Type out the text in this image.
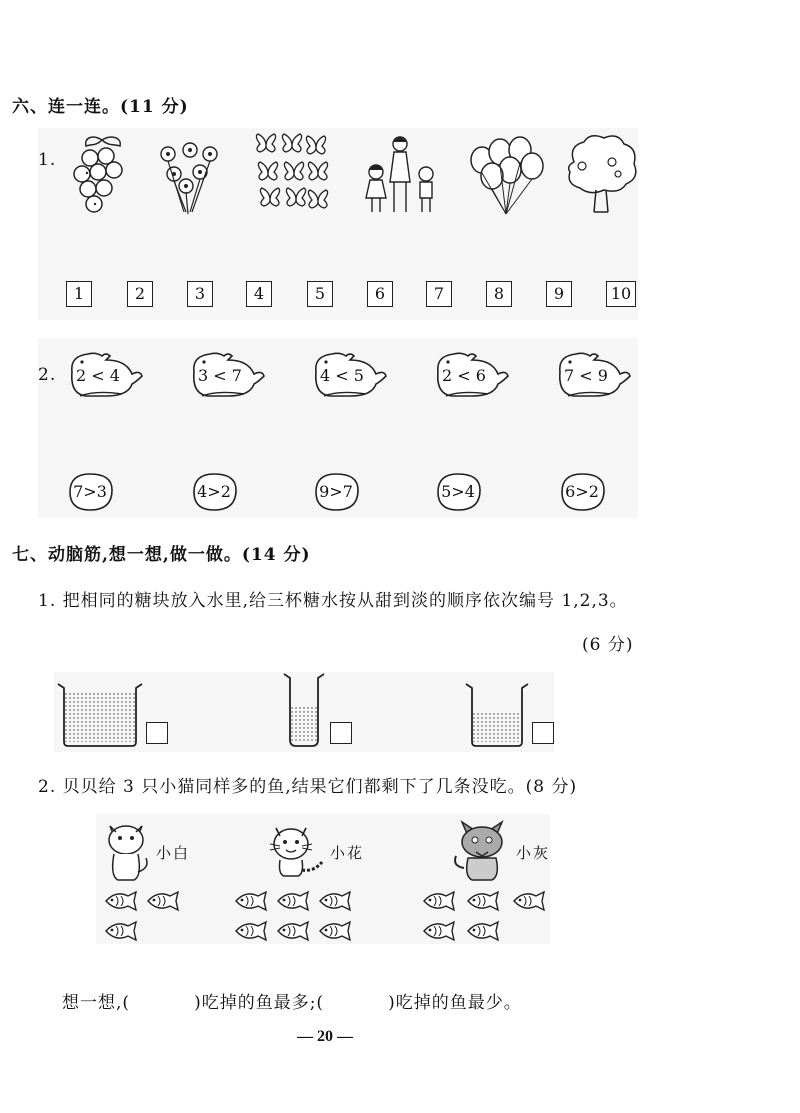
六、连一连。(11 分)
1.
1	2	3	4	5	6	7	8	9	10
2.	2 < 4	3 < 7	4 < 5	2 < 6	7 < 9
7>3	4>2	9>7	5>4	6>2
七、动脑筋,想一想,做一做。(14 分)
1. 把相同的糖块放入水里,给三杯糖水按从甜到淡的顺序依次编号 1,2,3。
(6 分)
2. 贝贝给 3 只小猫同样多的鱼,结果它们都剩下了几条没吃。(8 分)
小白	小花	小灰
想一想,(          )吃掉的鱼最多;(          )吃掉的鱼最少。
— 20 —
